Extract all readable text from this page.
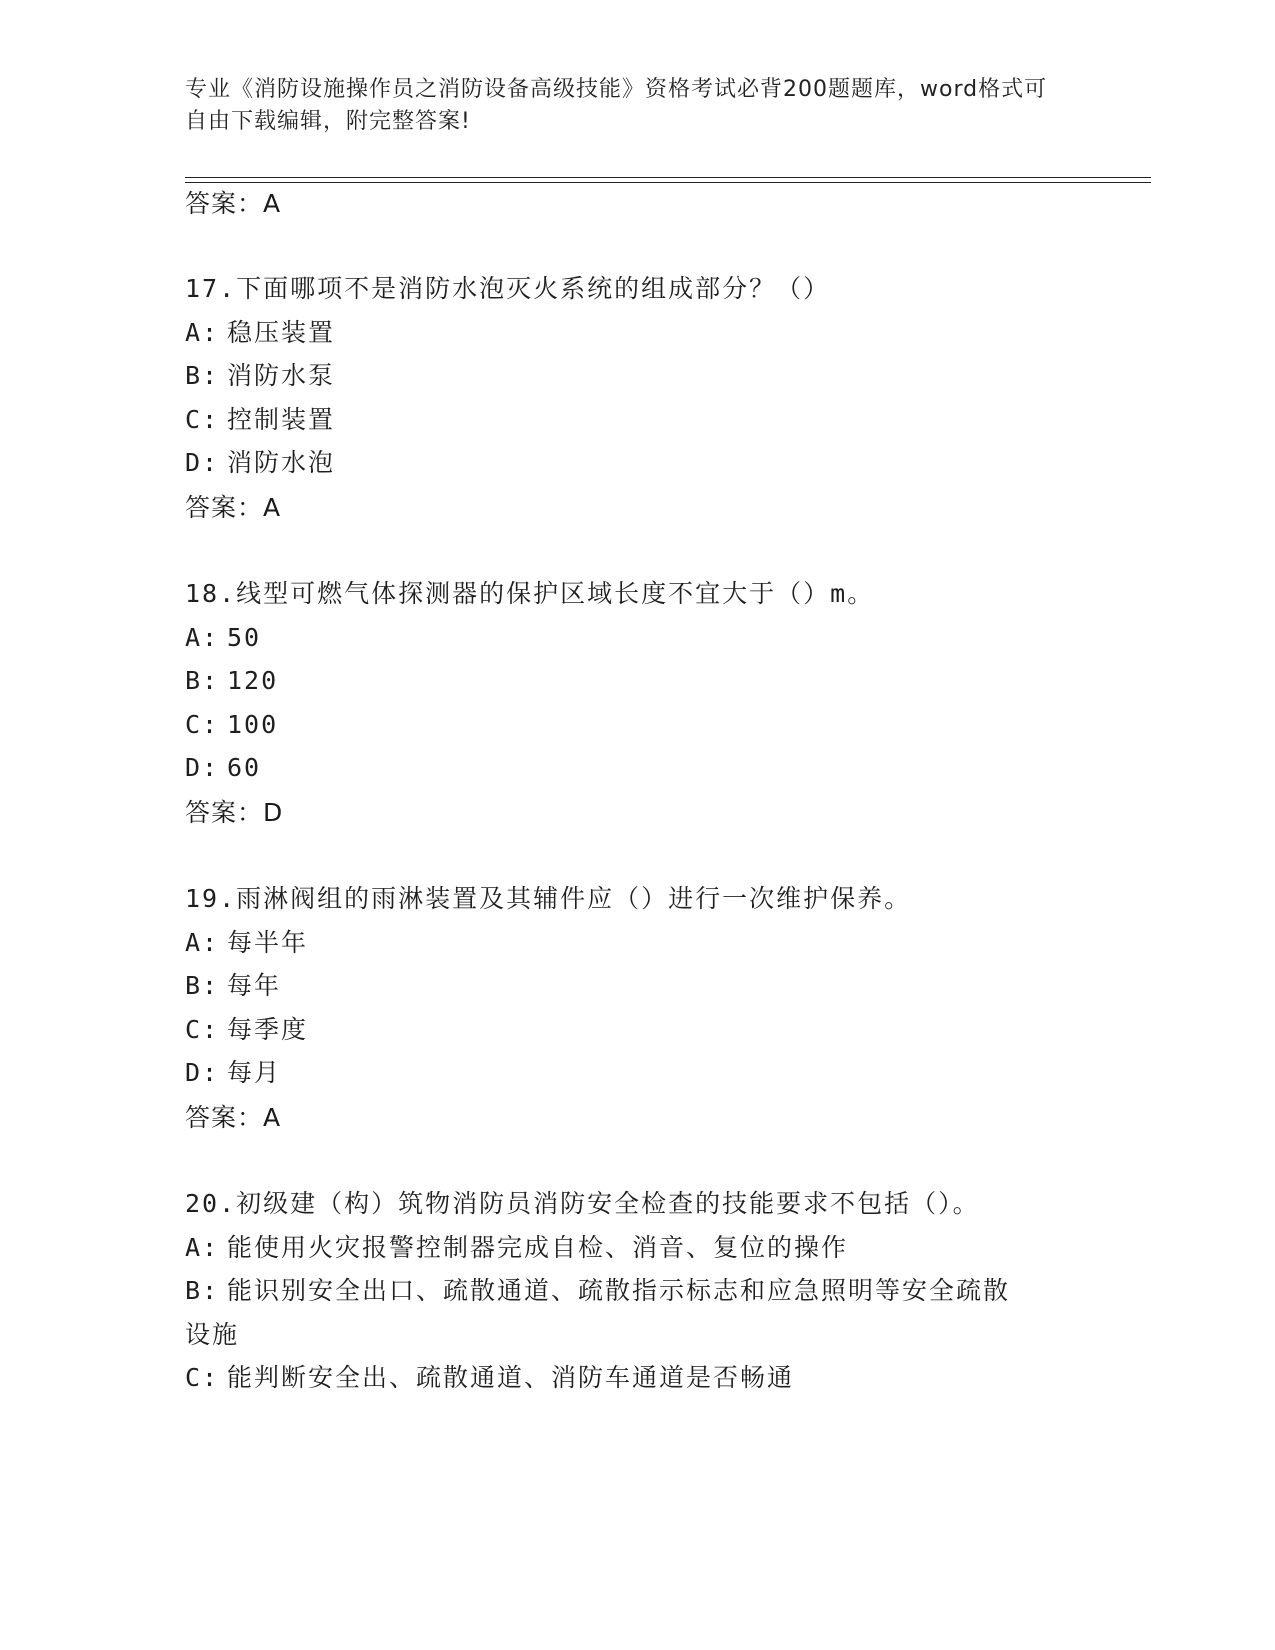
专业《消防设施操作员之消防设备高级技能》资格考试必背200题题库，word格式可自由下载编辑，附完整答案!
答案：A
17.下面哪项不是消防水泡灭火系统的组成部分？（）
A: 稳压装置
B: 消防水泵
C: 控制装置
D: 消防水泡
答案：A
18.线型可燃气体探测器的保护区域长度不宜大于（）m。
A: 50
B: 120
C: 100
D: 60
答案：D
19.雨淋阀组的雨淋装置及其辅件应（）进行一次维护保养。
A: 每半年
B: 每年
C: 每季度
D: 每月
答案：A
20.初级建（构）筑物消防员消防安全检查的技能要求不包括（）。
A: 能使用火灾报警控制器完成自检、消音、复位的操作
B: 能识别安全出口、疏散通道、疏散指示标志和应急照明等安全疏散
设施
C: 能判断安全出、疏散通道、消防车通道是否畅通
